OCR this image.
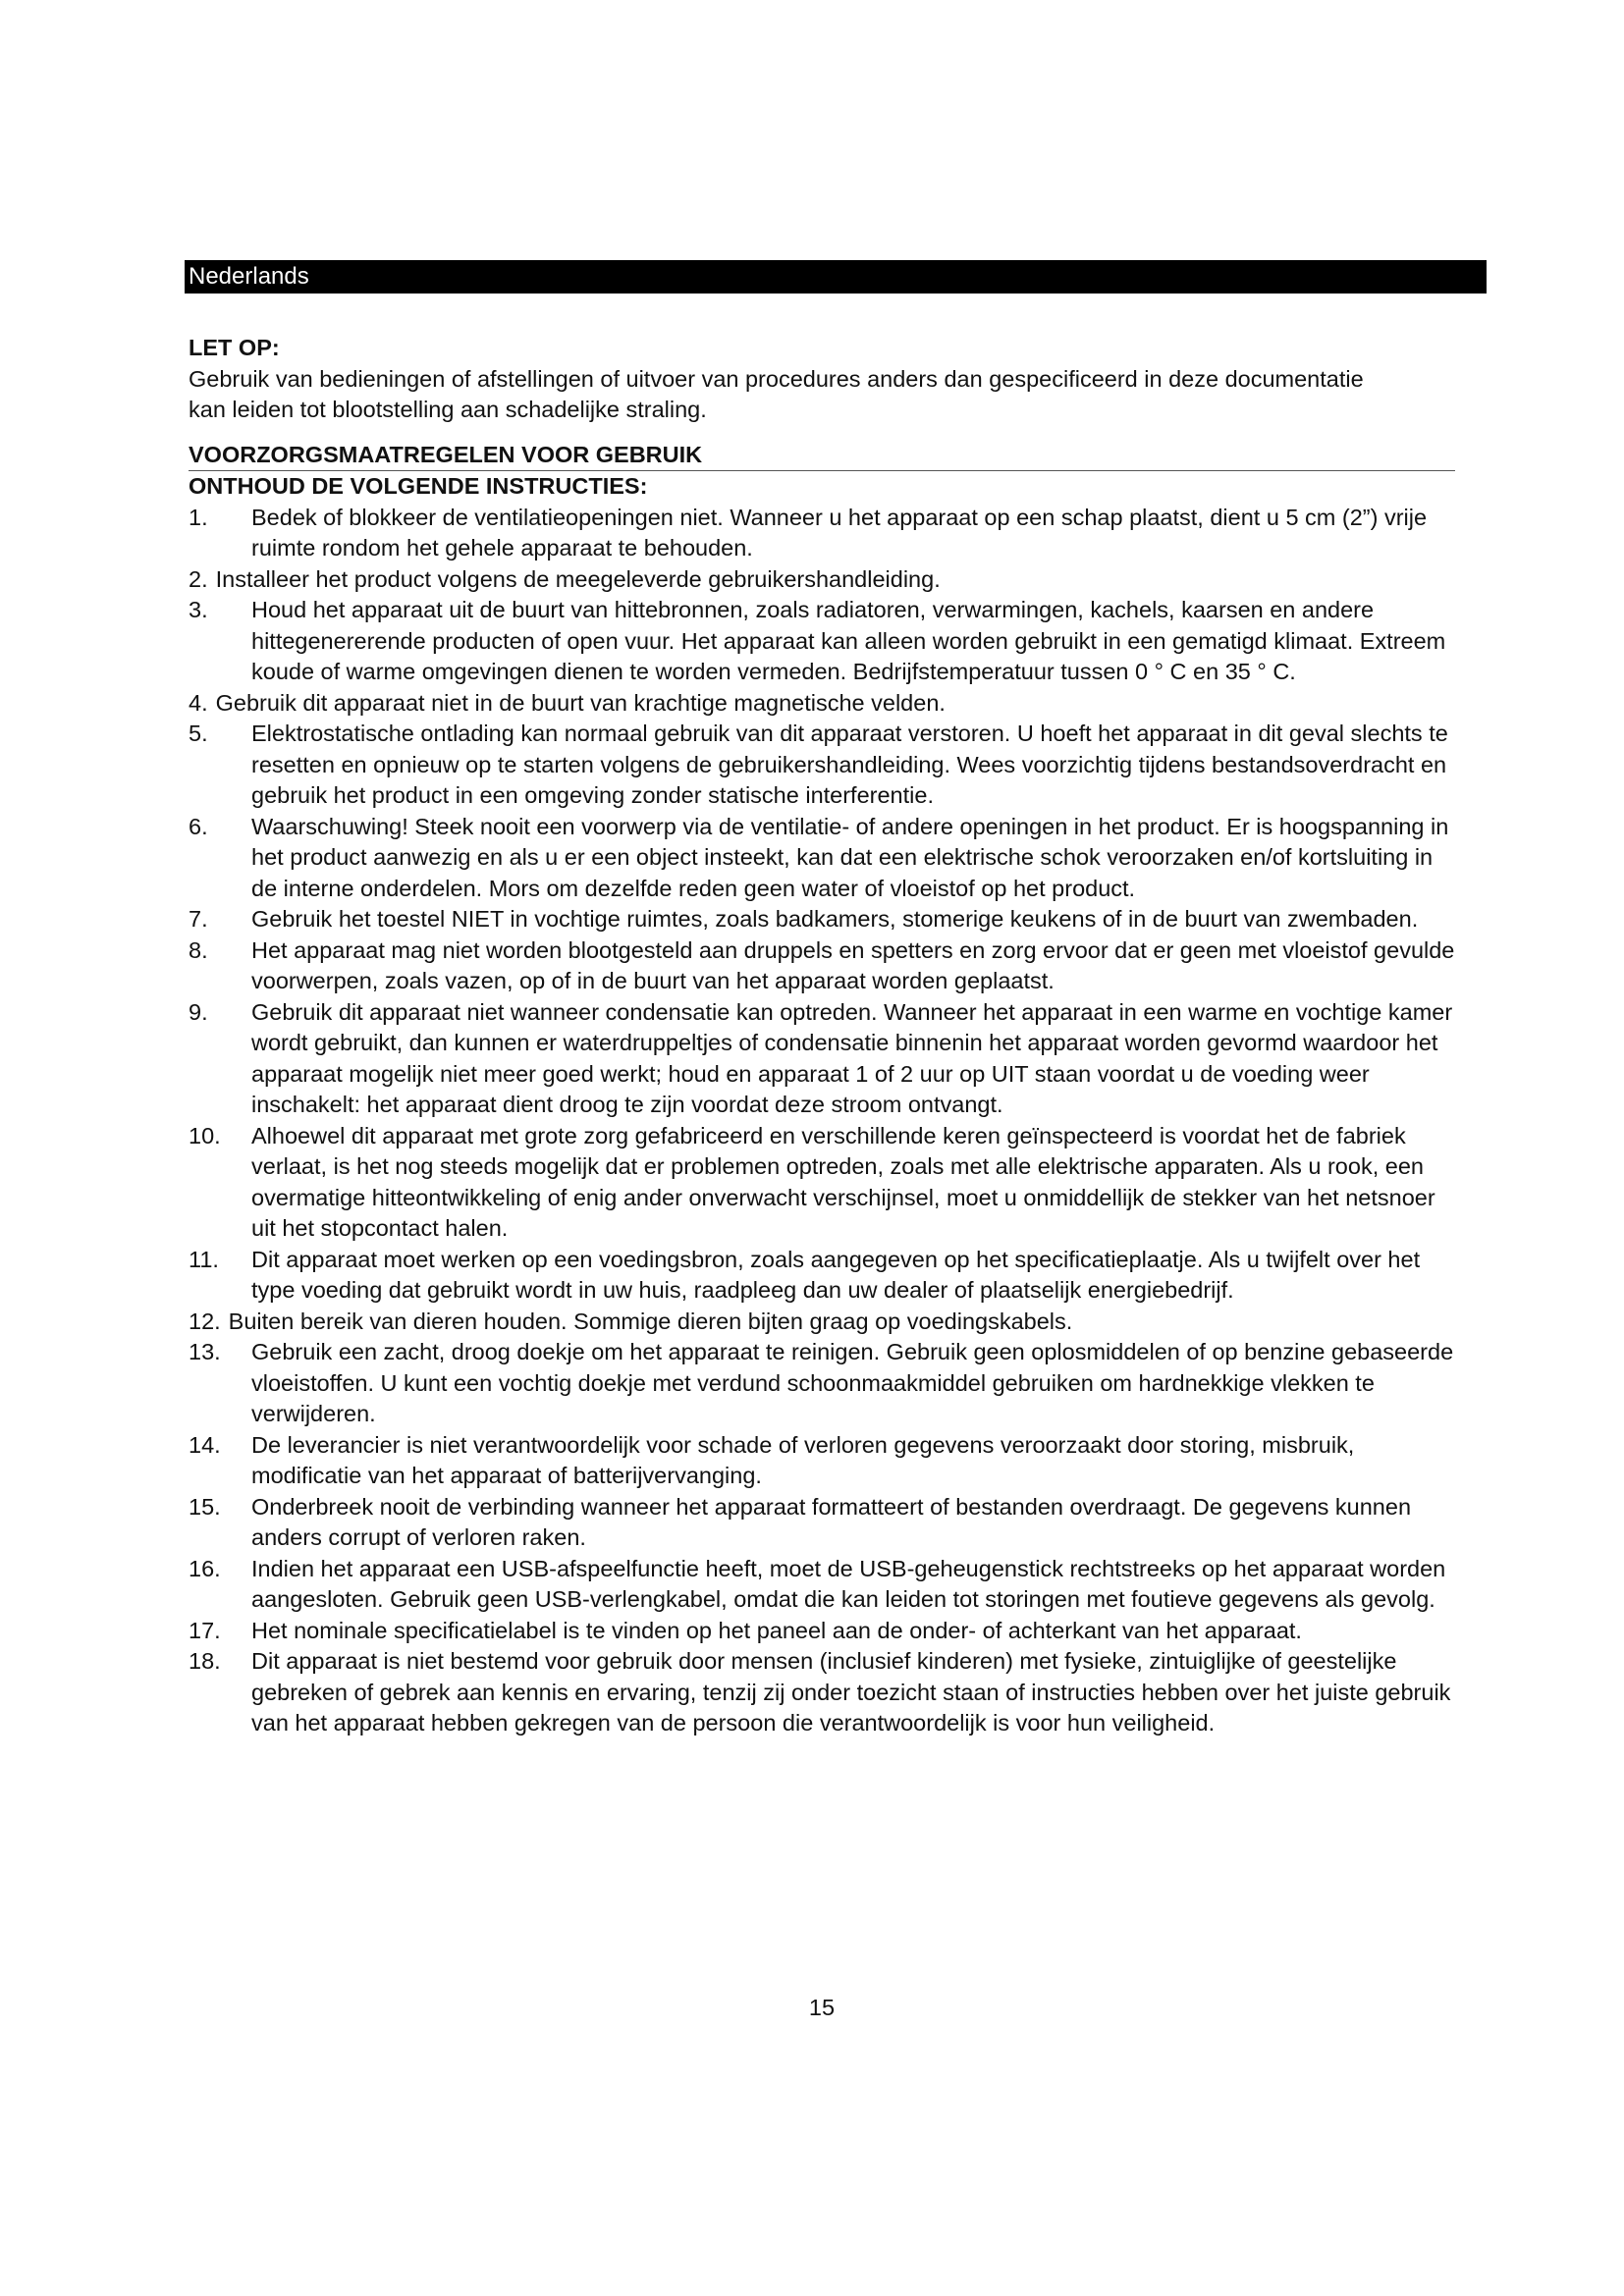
Nederlands

LET OP:

Gebruik van bedieningen of afstellingen of uitvoer van procedures anders dan gespecificeerd in deze documentatie kan leiden tot blootstelling aan schadelijke straling.

VOORZORGSMAATREGELEN VOOR GEBRUIK

ONTHOUD DE VOLGENDE INSTRUCTIES:

1. Bedek of blokkeer de ventilatieopeningen niet. Wanneer u het apparaat op een schap plaatst, dient u 5 cm (2”) vrije ruimte rondom het gehele apparaat te behouden.
2. Installeer het product volgens de meegeleverde gebruikershandleiding.
3. Houd het apparaat uit de buurt van hittebronnen, zoals radiatoren, verwarmingen, kachels, kaarsen en andere hittegenererende producten of open vuur. Het apparaat kan alleen worden gebruikt in een gematigd klimaat. Extreem koude of warme omgevingen dienen te worden vermeden. Bedrijfstemperatuur tussen 0 ° C en 35 ° C.
4. Gebruik dit apparaat niet in de buurt van krachtige magnetische velden.
5. Elektrostatische ontlading kan normaal gebruik van dit apparaat verstoren. U hoeft het apparaat in dit geval slechts te resetten en opnieuw op te starten volgens de gebruikershandleiding. Wees voorzichtig tijdens bestandsoverdracht en gebruik het product in een omgeving zonder statische interferentie.
6. Waarschuwing! Steek nooit een voorwerp via de ventilatie- of andere openingen in het product. Er is hoogspanning in het product aanwezig en als u er een object insteekt, kan dat een elektrische schok veroorzaken en/of kortsluiting in de interne onderdelen. Mors om dezelfde reden geen water of vloeistof op het product.
7. Gebruik het toestel NIET in vochtige ruimtes, zoals badkamers, stomerige keukens of in de buurt van zwembaden.
8. Het apparaat mag niet worden blootgesteld aan druppels en spetters en zorg ervoor dat er geen met vloeistof gevulde voorwerpen, zoals vazen, op of in de buurt van het apparaat worden geplaatst.
9. Gebruik dit apparaat niet wanneer condensatie kan optreden. Wanneer het apparaat in een warme en vochtige kamer wordt gebruikt, dan kunnen er waterdruppeltjes of condensatie binnenin het apparaat worden gevormd waardoor het apparaat mogelijk niet meer goed werkt; houd en apparaat 1 of 2 uur op UIT staan voordat u de voeding weer inschakelt: het apparaat dient droog te zijn voordat deze stroom ontvangt.
10. Alhoewel dit apparaat met grote zorg gefabriceerd en verschillende keren geïnspecteerd is voordat het de fabriek verlaat, is het nog steeds mogelijk dat er problemen optreden, zoals met alle elektrische apparaten. Als u rook, een overmatige hitteontwikkeling of enig ander onverwacht verschijnsel, moet u onmiddellijk de stekker van het netsnoer uit het stopcontact halen.
11. Dit apparaat moet werken op een voedingsbron, zoals aangegeven op het specificatieplaatje. Als u twijfelt over het type voeding dat gebruikt wordt in uw huis, raadpleeg dan uw dealer of plaatselijk energiebedrijf.
12. Buiten bereik van dieren houden. Sommige dieren bijten graag op voedingskabels.
13. Gebruik een zacht, droog doekje om het apparaat te reinigen. Gebruik geen oplosmiddelen of op benzine gebaseerde vloeistoffen. U kunt een vochtig doekje met verdund schoonmaakmiddel gebruiken om hardnekkige vlekken te verwijderen.
14. De leverancier is niet verantwoordelijk voor schade of verloren gegevens veroorzaakt door storing, misbruik, modificatie van het apparaat of batterijvervanging.
15. Onderbreek nooit de verbinding wanneer het apparaat formatteert of bestanden overdraagt. De gegevens kunnen anders corrupt of verloren raken.
16. Indien het apparaat een USB-afspeelfunctie heeft, moet de USB-geheugenstick rechtstreeks op het apparaat worden aangesloten. Gebruik geen USB-verlengkabel, omdat die kan leiden tot storingen met foutieve gegevens als gevolg.
17. Het nominale specificatielabel is te vinden op het paneel aan de onder- of achterkant van het apparaat.
18. Dit apparaat is niet bestemd voor gebruik door mensen (inclusief kinderen) met fysieke, zintuiglijke of geestelijke gebreken of gebrek aan kennis en ervaring, tenzij zij onder toezicht staan of instructies hebben over het juiste gebruik van het apparaat hebben gekregen van de persoon die verantwoordelijk is voor hun veiligheid.
15
